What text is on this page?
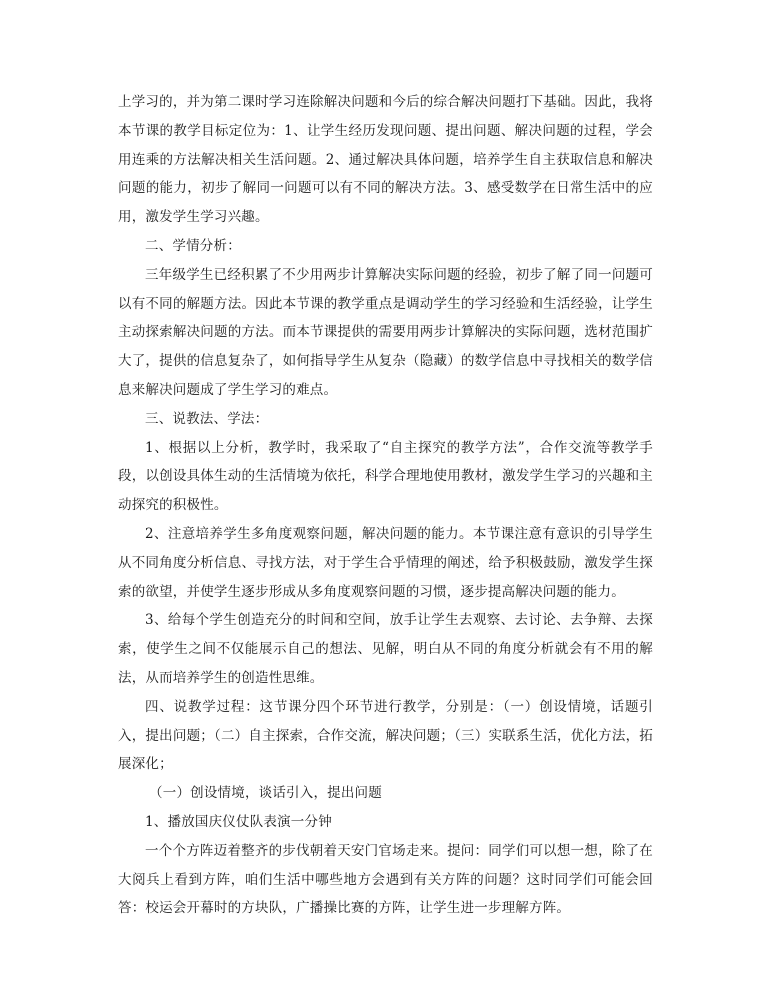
上学习的，并为第二课时学习连除解决问题和今后的综合解决问题打下基础。因此，我将本节课的教学目标定位为：1、让学生经历发现问题、提出问题、解决问题的过程，学会用连乘的方法解决相关生活问题。2、通过解决具体问题，培养学生自主获取信息和解决问题的能力，初步了解同一问题可以有不同的解决方法。3、感受数学在日常生活中的应用，激发学生学习兴趣。

二、学情分析：

三年级学生已经积累了不少用两步计算解决实际问题的经验，初步了解了同一问题可以有不同的解题方法。因此本节课的教学重点是调动学生的学习经验和生活经验，让学生主动探索解决问题的方法。而本节课提供的需要用两步计算解决的实际问题，选材范围扩大了，提供的信息复杂了，如何指导学生从复杂（隐藏）的数学信息中寻找相关的数学信息来解决问题成了学生学习的难点。

三、说教法、学法：

1、根据以上分析，教学时，我采取了“自主探究的教学方法”，合作交流等教学手段，以创设具体生动的生活情境为依托，科学合理地使用教材，激发学生学习的兴趣和主动探究的积极性。

2、注意培养学生多角度观察问题，解决问题的能力。本节课注意有意识的引导学生从不同角度分析信息、寻找方法，对于学生合乎情理的阐述，给予积极鼓励，激发学生探索的欲望，并使学生逐步形成从多角度观察问题的习惯，逐步提高解决问题的能力。

3、给每个学生创造充分的时间和空间，放手让学生去观察、去讨论、去争辩、去探索，使学生之间不仅能展示自己的想法、见解，明白从不同的角度分析就会有不用的解法，从而培养学生的创造性思维。

四、说教学过程：这节课分四个环节进行教学，分别是：（一）创设情境，话题引入，提出问题；（二）自主探索，合作交流，解决问题；（三）实联系生活，优化方法，拓展深化；

（一）创设情境，谈话引入，提出问题

1、播放国庆仪仗队表演一分钟

一个个方阵迈着整齐的步伐朝着天安门官场走来。提问：同学们可以想一想，除了在大阅兵上看到方阵，咱们生活中哪些地方会遇到有关方阵的问题？这时同学们可能会回答：校运会开幕时的方块队，广播操比赛的方阵，让学生进一步理解方阵。
